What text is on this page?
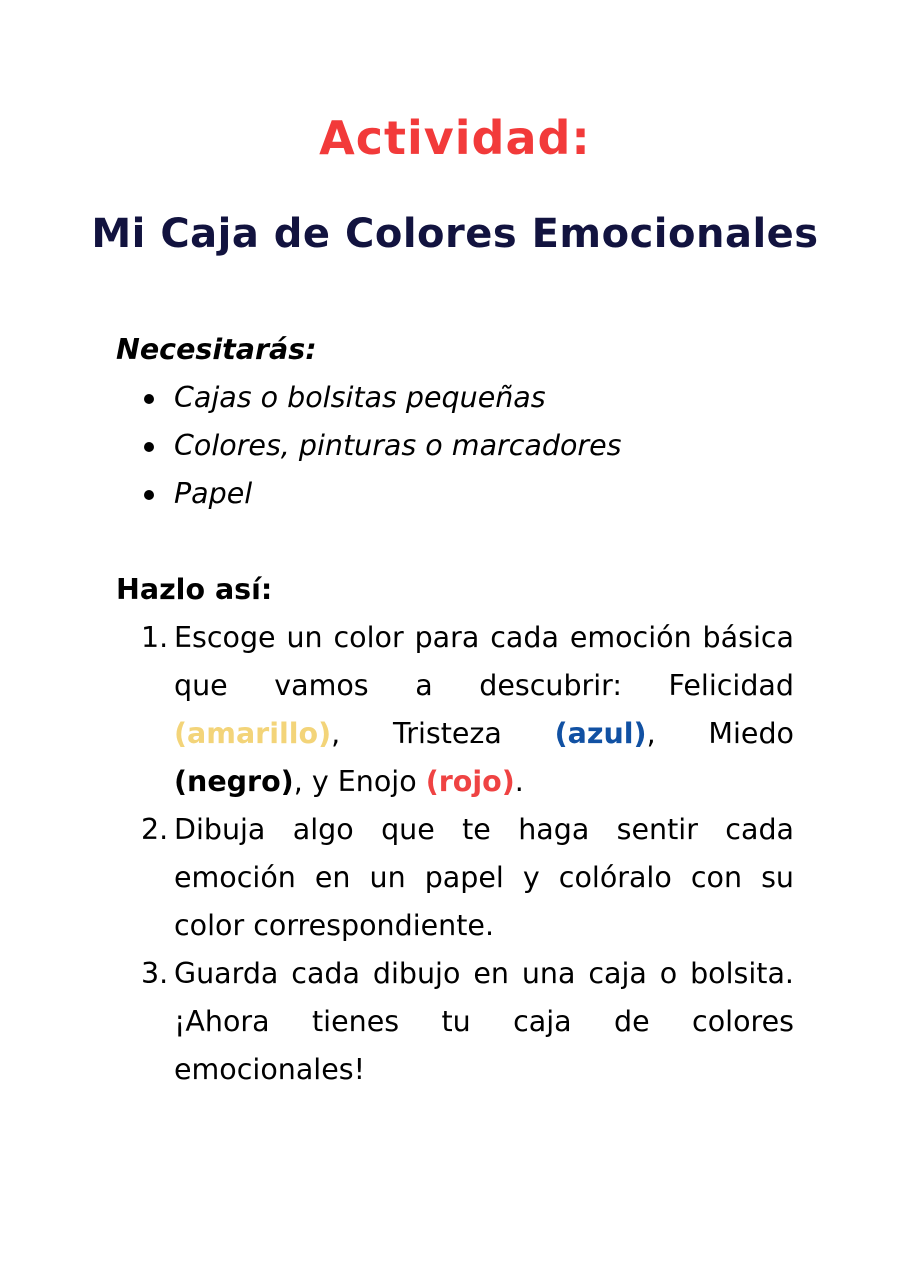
Actividad:
Mi Caja de Colores Emocionales

Necesitarás:

Cajas o bolsitas pequeñas
Colores, pinturas o marcadores
Papel

Hazlo así:

1. Escoge un color para cada emoción básica que vamos a descubrir: Felicidad (amarillo), Tristeza (azul), Miedo (negro), y Enojo (rojo).
2. Dibuja algo que te haga sentir cada emoción en un papel y colóralo con su color correspondiente.
3. Guarda cada dibujo en una caja o bolsita. ¡Ahora tienes tu caja de colores emocionales!
